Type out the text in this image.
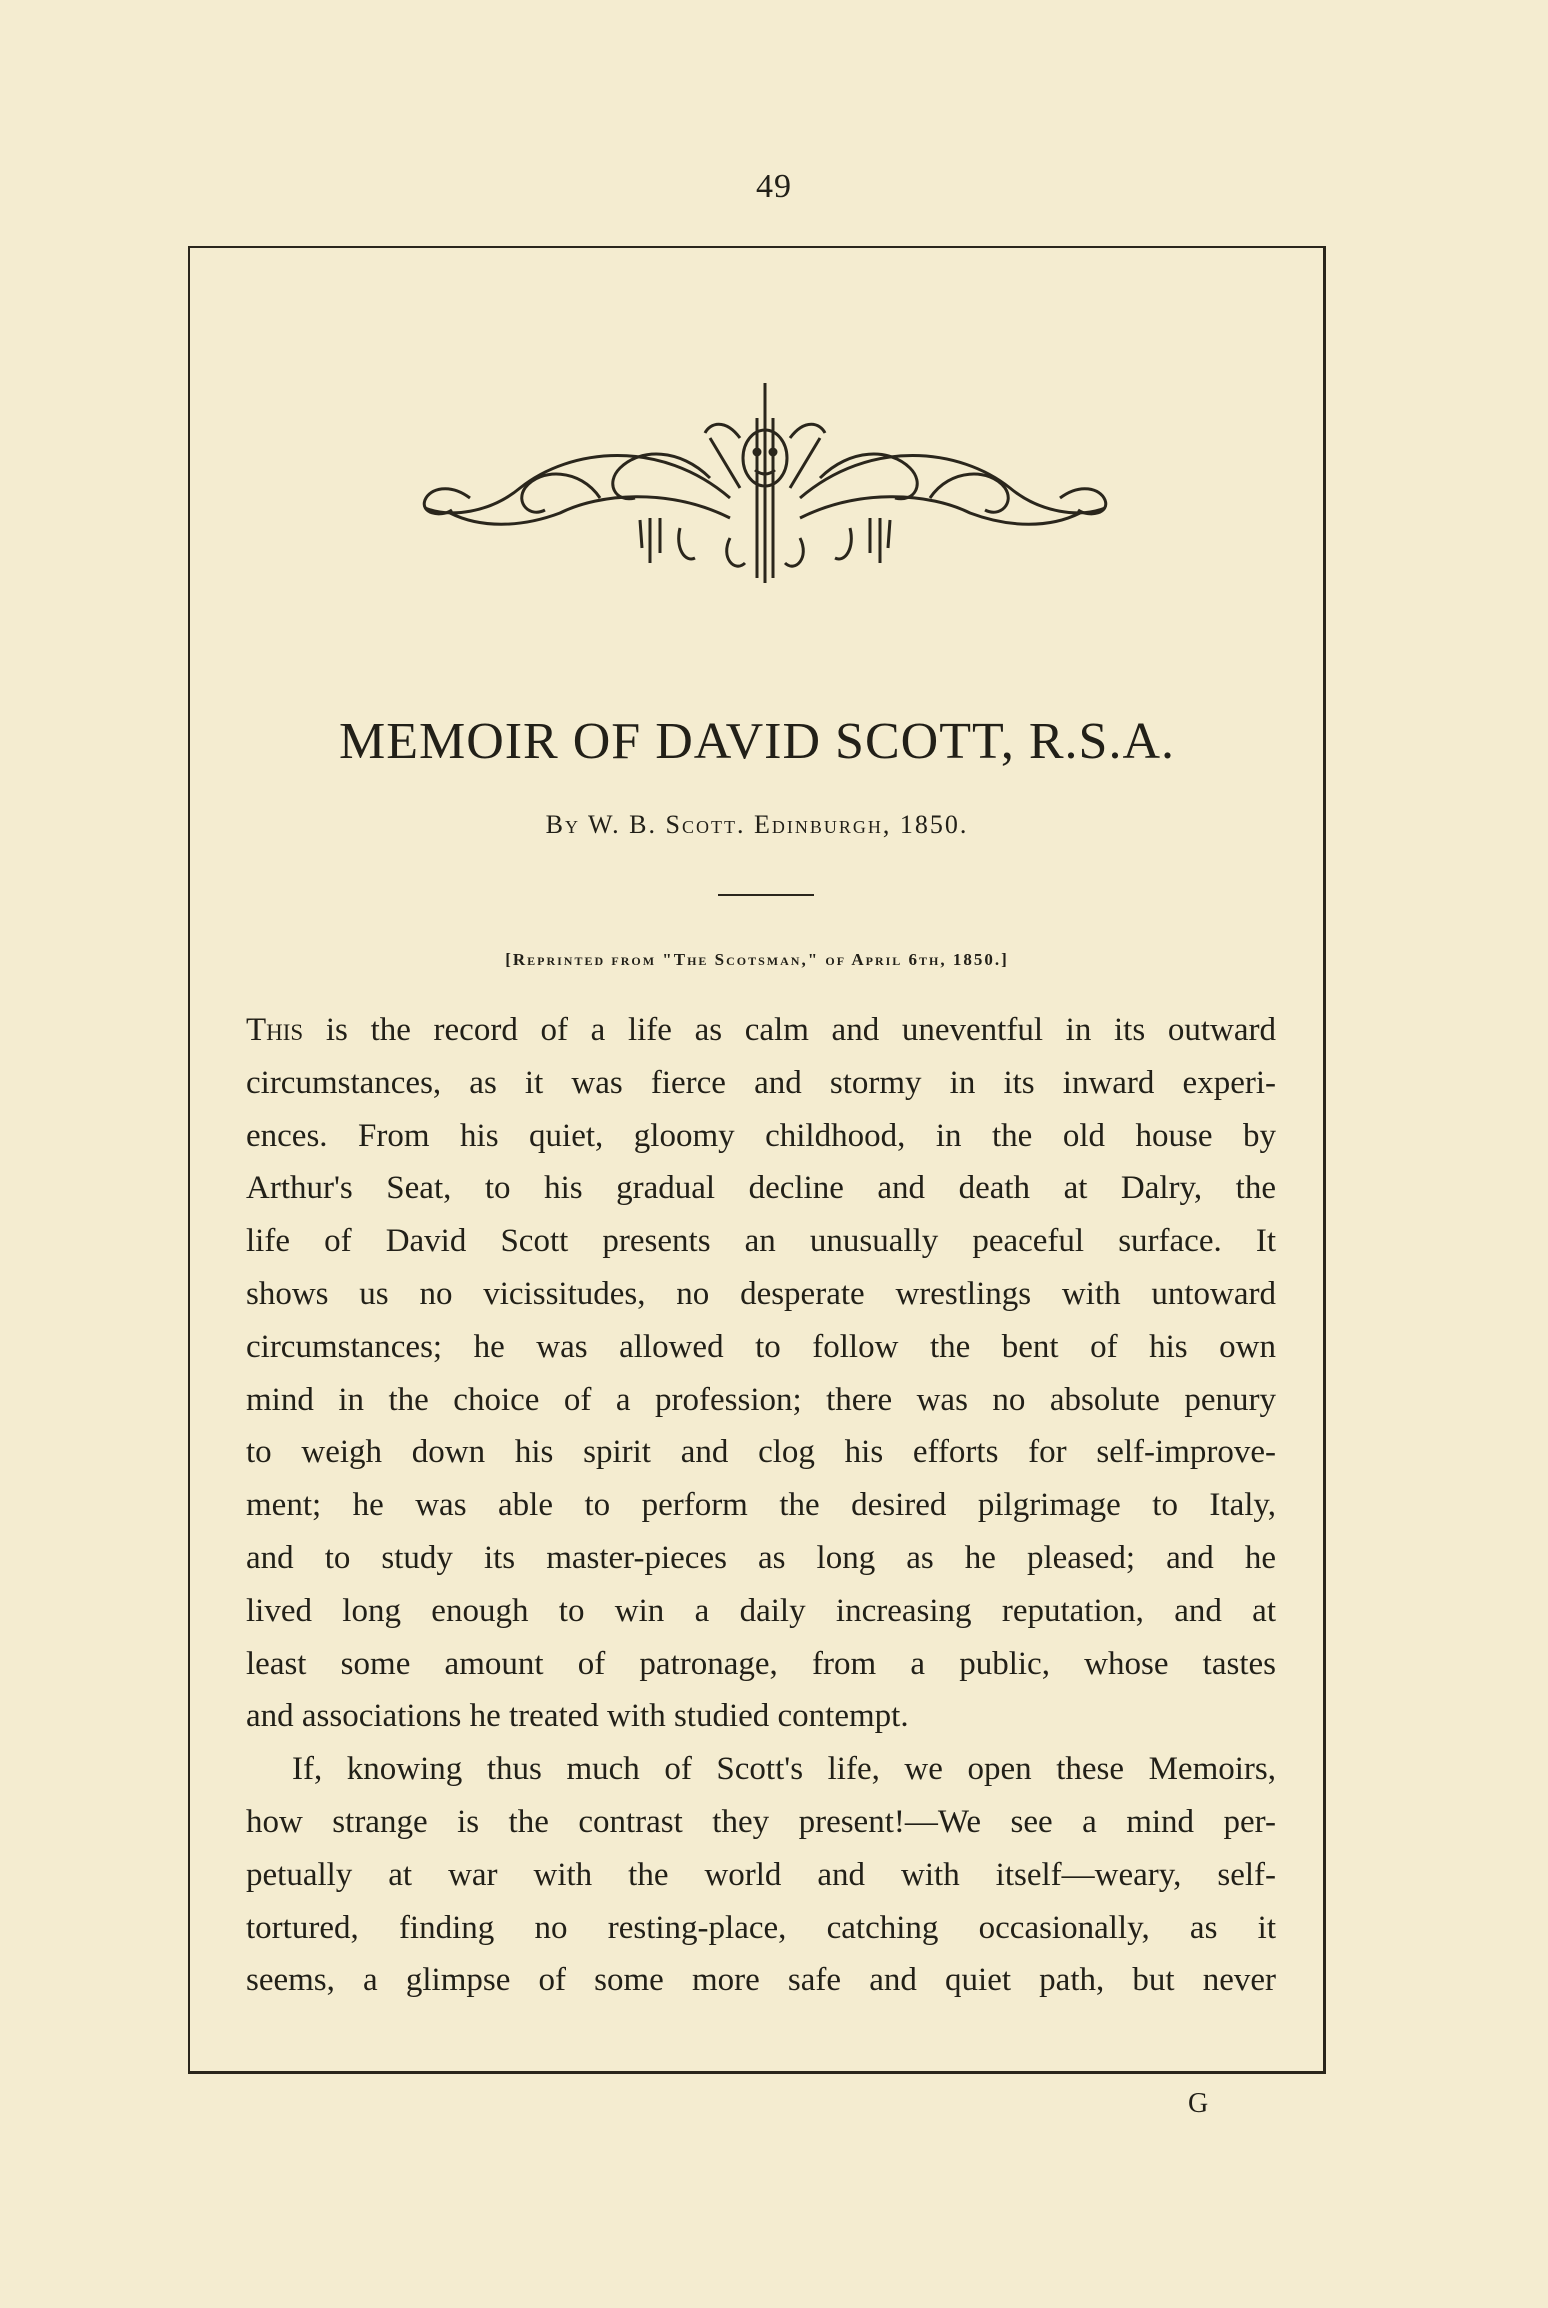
49
MEMOIR OF DAVID SCOTT, R.S.A.
By W. B. Scott. Edinburgh, 1850.
[Reprinted from "The Scotsman," of April 6th, 1850.]

This is the record of a life as calm and uneventful in its outward

circumstances, as it was fierce and stormy in its inward experi-

ences. From his quiet, gloomy childhood, in the old house by

Arthur's Seat, to his gradual decline and death at Dalry, the

life of David Scott presents an unusually peaceful surface. It

shows us no vicissitudes, no desperate wrestlings with untoward

circumstances; he was allowed to follow the bent of his own

mind in the choice of a profession; there was no absolute penury

to weigh down his spirit and clog his efforts for self-improve-

ment; he was able to perform the desired pilgrimage to Italy,

and to study its master-pieces as long as he pleased; and he

lived long enough to win a daily increasing reputation, and at

least some amount of patronage, from a public, whose tastes

and associations he treated with studied contempt.

If, knowing thus much of Scott's life, we open these Memoirs,

how strange is the contrast they present!—We see a mind per-

petually at war with the world and with itself—weary, self-

tortured, finding no resting-place, catching occasionally, as it

seems, a glimpse of some more safe and quiet path, but never

G
